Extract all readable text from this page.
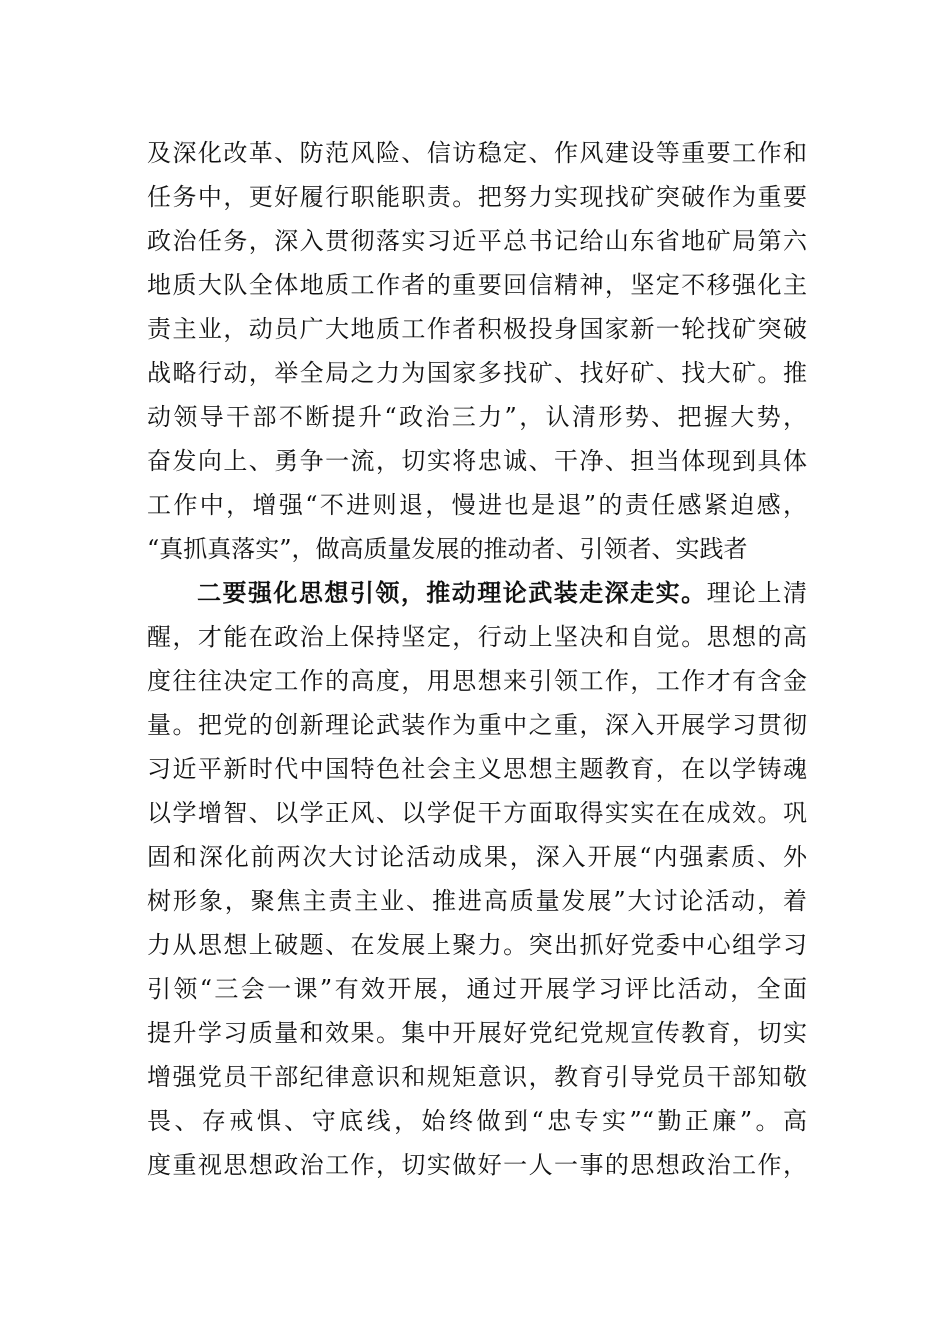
及深化改革、防范风险、信访稳定、作风建设等重要工作和
任务中，更好履行职能职责。把努力实现找矿突破作为重要
政治任务，深入贯彻落实习近平总书记给山东省地矿局第六
地质大队全体地质工作者的重要回信精神，坚定不移强化主
责主业，动员广大地质工作者积极投身国家新一轮找矿突破
战略行动，举全局之力为国家多找矿、找好矿、找大矿。推
动领导干部不断提升“政治三力”，认清形势、把握大势，
奋发向上、勇争一流，切实将忠诚、干净、担当体现到具体
工作中，增强“不进则退，慢进也是退”的责任感紧迫感，
“真抓真落实”，做高质量发展的推动者、引领者、实践者
二要强化思想引领，推动理论武装走深走实。理论上清
醒，才能在政治上保持坚定，行动上坚决和自觉。思想的高
度往往决定工作的高度，用思想来引领工作，工作才有含金
量。把党的创新理论武装作为重中之重，深入开展学习贯彻
习近平新时代中国特色社会主义思想主题教育，在以学铸魂
以学增智、以学正风、以学促干方面取得实实在在成效。巩
固和深化前两次大讨论活动成果，深入开展“内强素质、外
树形象，聚焦主责主业、推进高质量发展”大讨论活动，着
力从思想上破题、在发展上聚力。突出抓好党委中心组学习
引领“三会一课”有效开展，通过开展学习评比活动，全面
提升学习质量和效果。集中开展好党纪党规宣传教育，切实
增强党员干部纪律意识和规矩意识，教育引导党员干部知敬
畏、存戒惧、守底线，始终做到“忠专实”“勤正廉”。高
度重视思想政治工作，切实做好一人一事的思想政治工作，
